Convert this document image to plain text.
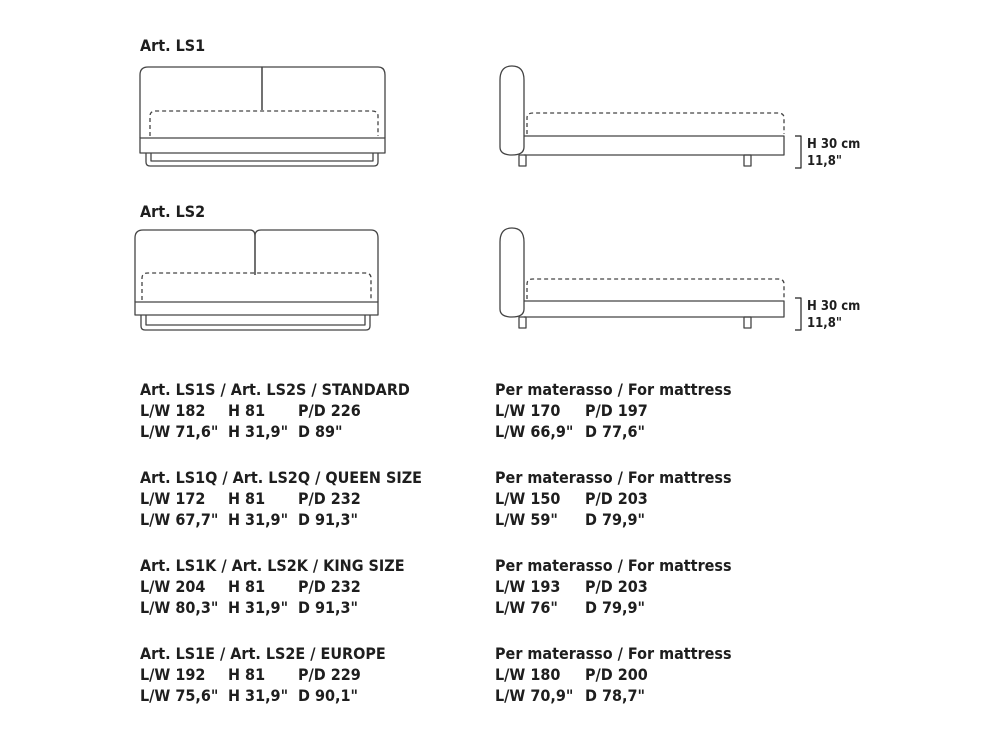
Art. LS1
Art. LS2
H 30 cm
11,8"
H 30 cm
11,8"
Art. LS1S / Art. LS2S / STANDARD
L/W 182 H 81 P/D 226
L/W 71,6" H 31,9" D 89"
Art. LS1Q / Art. LS2Q / QUEEN SIZE
L/W 172 H 81 P/D 232
L/W 67,7" H 31,9" D 91,3"
Art. LS1K / Art. LS2K / KING SIZE
L/W 204 H 81 P/D 232
L/W 80,3" H 31,9" D 91,3"
Art. LS1E / Art. LS2E / EUROPE
L/W 192 H 81 P/D 229
L/W 75,6" H 31,9" D 90,1"
Per materasso / For mattress
L/W 170 P/D 197
L/W 66,9" D 77,6"
Per materasso / For mattress
L/W 150 P/D 203
L/W 59" D 79,9"
Per materasso / For mattress
L/W 193 P/D 203
L/W 76" D 79,9"
Per materasso / For mattress
L/W 180 P/D 200
L/W 70,9" D 78,7"
